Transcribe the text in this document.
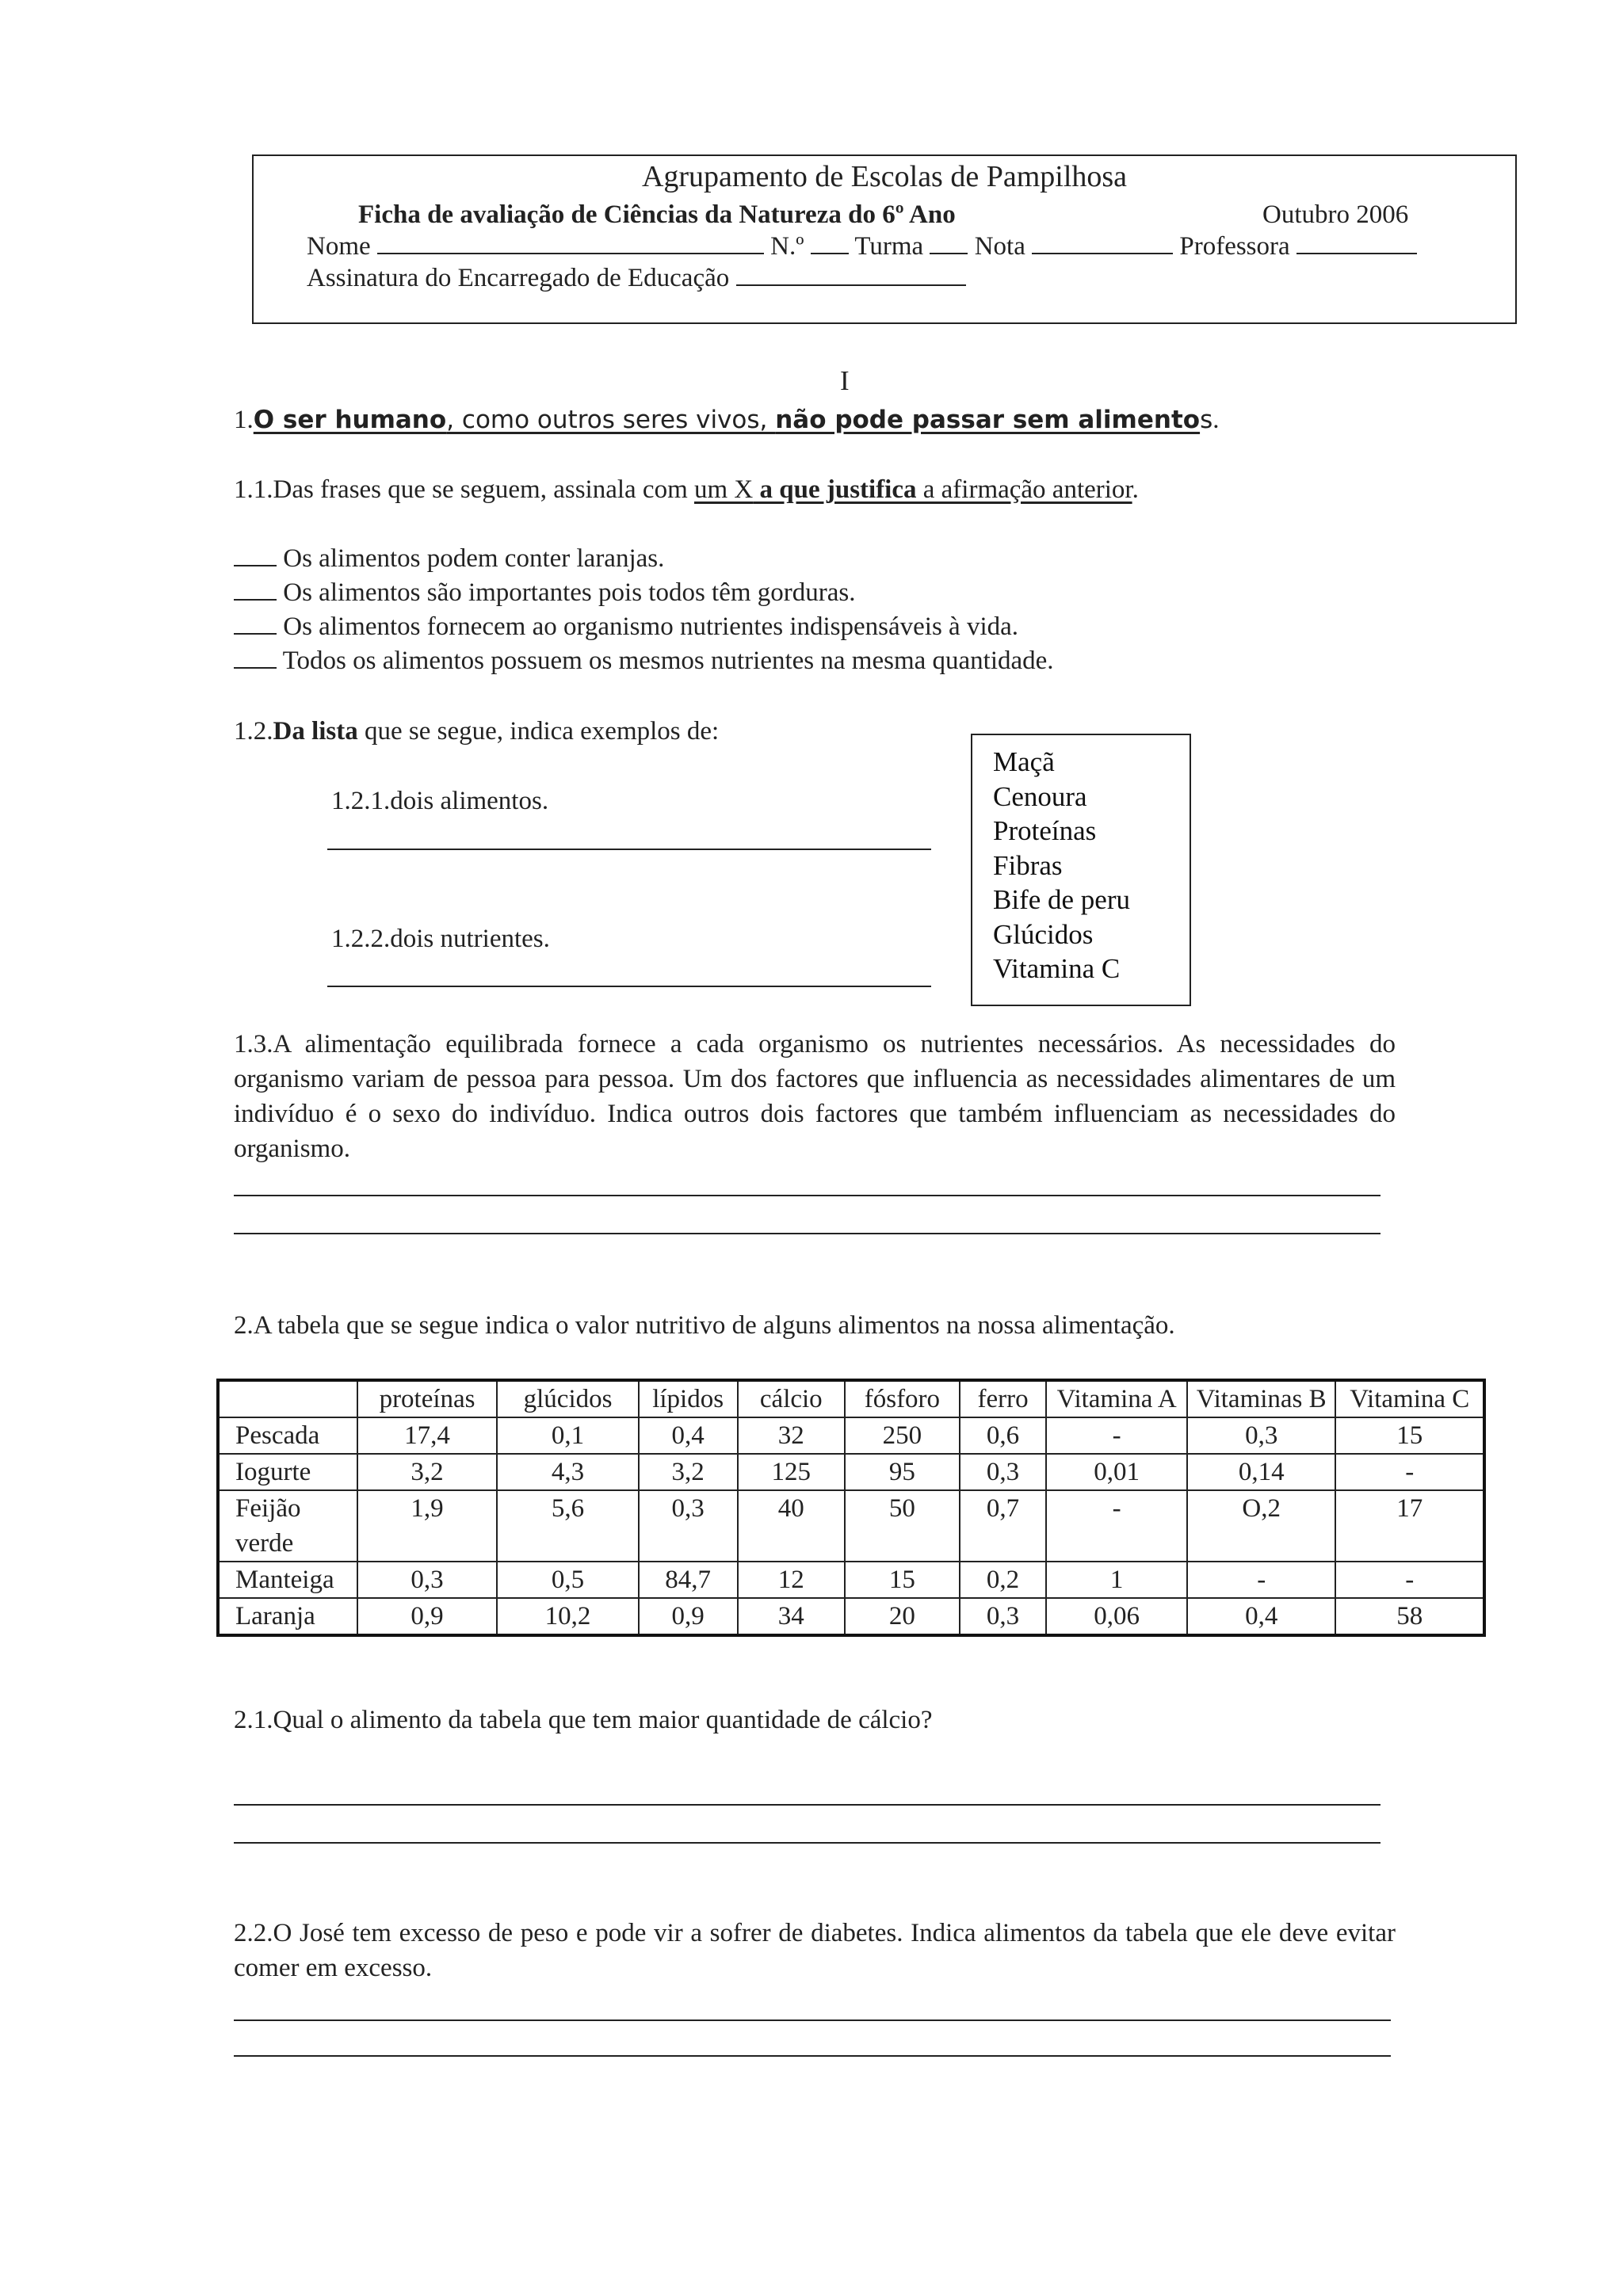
Agrupamento de Escolas de Pampilhosa
Ficha de avaliação de Ciências da Natureza do 6º Ano	Outubro 2006
Nome	N.º Turma Nota	Professora
Assinatura do Encarregado de Educação
I
1.O ser humano, como outros seres vivos, não pode passar sem alimentos.
1.1.Das frases que se seguem, assinala com um X a que justifica a afirmação anterior.
Os alimentos podem conter laranjas.
Os alimentos são importantes pois todos têm gorduras.
Os alimentos fornecem ao organismo nutrientes indispensáveis à vida.
Todos os alimentos possuem os mesmos nutrientes na mesma quantidade.
1.2.Da lista que se segue, indica exemplos de:
1.2.1.dois alimentos.
1.2.2.dois nutrientes.
Maçã
Cenoura
Proteínas
Fibras
Bife de peru
Glúcidos
Vitamina C
1.3.A alimentação equilibrada fornece a cada organismo os nutrientes necessários. As necessidades do organismo variam de pessoa para pessoa. Um dos factores que influencia as necessidades alimentares de um indivíduo é o sexo do indivíduo. Indica outros dois factores que também influenciam as necessidades do organismo.
2.A tabela que se segue indica o valor nutritivo de alguns alimentos na nossa alimentação.
	proteínas	glúcidos	lípidos	cálcio	fósforo	ferro	Vitamina A	Vitaminas B	Vitamina C
Pescada	17,4	0,1	0,4	32	250	0,6	-	0,3	15
Iogurte	3,2	4,3	3,2	125	95	0,3	0,01	0,14	-
Feijão verde	1,9	5,6	0,3	40	50	0,7	-	O,2	17
Manteiga	0,3	0,5	84,7	12	15	0,2	1	-	-
Laranja	0,9	10,2	0,9	34	20	0,3	0,06	0,4	58
2.1.Qual o alimento da tabela que tem maior quantidade de cálcio?
2.2.O José tem excesso de peso e pode vir a sofrer de diabetes. Indica alimentos da tabela que ele deve evitar comer em excesso.
